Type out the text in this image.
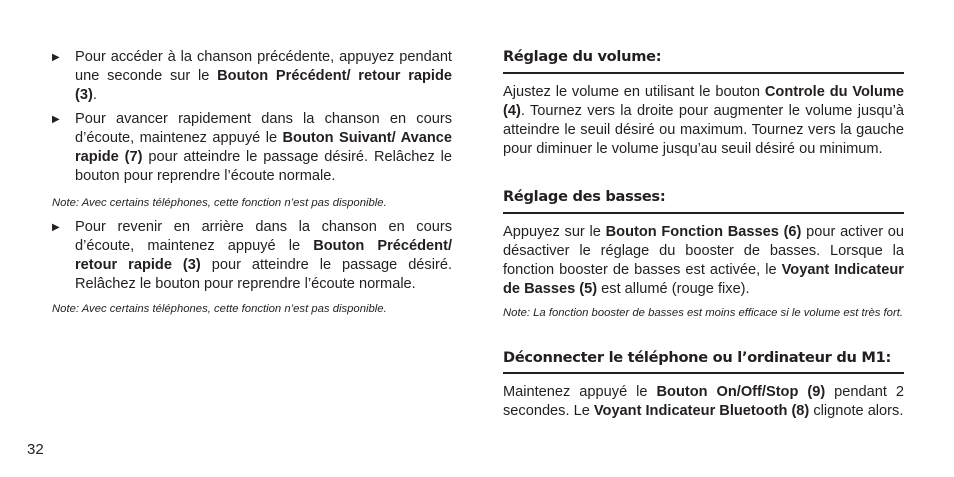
▶ Pour accéder à la chanson précédente, appuyez pendant une seconde sur le Bouton Précédent/ retour rapide (3).
▶ Pour avancer rapidement dans la chanson en cours d’écoute, maintenez appuyé le Bouton Suivant/ Avance rapide (7) pour atteindre le passage désiré. Relâchez le bouton pour reprendre l’écoute normale.
Note: Avec certains téléphones, cette fonction n’est pas disponible.
▶ Pour revenir en arrière dans la chanson en cours d’écoute, maintenez appuyé le Bouton Précédent/ retour rapide (3) pour atteindre le passage désiré. Relâchez le bouton pour reprendre l’écoute normale.
Note: Avec certains téléphones, cette fonction n’est pas disponible.
Réglage du volume:
Ajustez le volume en utilisant le bouton Controle du Volume (4). Tournez vers la droite pour augmenter le volume jusqu’à atteindre le seuil désiré ou maximum. Tournez vers la gauche pour diminuer le volume jusqu’au seuil désiré ou minimum.
Réglage des basses:
Appuyez sur le Bouton Fonction Basses (6) pour activer ou désactiver le réglage du booster de basses. Lorsque la fonction booster de basses est activée, le Voyant Indicateur de Basses (5) est allumé (rouge fixe).
Note: La fonction booster de basses est moins efficace si le volume est très fort.
Déconnecter le téléphone ou l’ordinateur du M1:
Maintenez appuyé le Bouton On/Off/Stop (9) pendant 2 secondes. Le Voyant Indicateur Bluetooth (8) clignote alors.
32
